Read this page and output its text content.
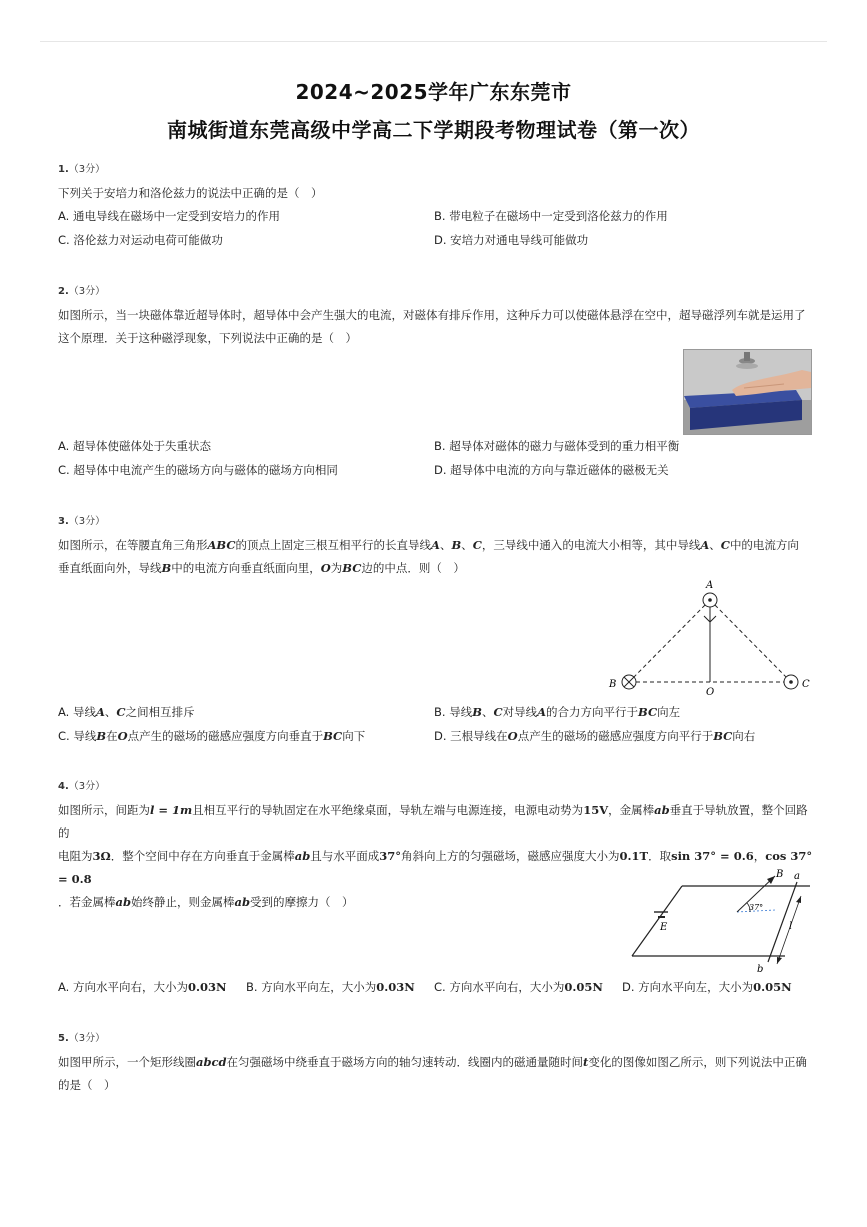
2024~2025学年广东东莞市
南城街道东莞高级中学高二下学期段考物理试卷（第一次）
1.（3分）
下列关于安培力和洛伦兹力的说法中正确的是（　）
A. 通电导线在磁场中一定受到安培力的作用	B. 带电粒子在磁场中一定受到洛伦兹力的作用
C. 洛伦兹力对运动电荷可能做功	D. 安培力对通电导线可能做功
2.（3分）
如图所示，当一块磁体靠近超导体时，超导体中会产生强大的电流，对磁体有排斥作用，这种斥力可以使磁体悬浮在空中，超导磁浮列车就是运用了
这个原理．关于这种磁浮现象，下列说法中正确的是（　）
A. 超导体使磁体处于失重状态	B. 超导体对磁体的磁力与磁体受到的重力相平衡
C. 超导体中电流产生的磁场方向与磁体的磁场方向相同	D. 超导体中电流的方向与靠近磁体的磁极无关
3.（3分）
如图所示，在等腰直角三角形ABC的顶点上固定三根互相平行的长直导线A、B、C，三导线中通入的电流大小相等，其中导线A、C中的电流方向
垂直纸面向外，导线B中的电流方向垂直纸面向里，O为BC边的中点．则（　）
A
B	C
O
A. 导线A、C之间相互排斥	B. 导线B、C对导线A的合力方向平行于BC向左
C. 导线B在O点产生的磁场的磁感应强度方向垂直于BC向下	D. 三根导线在O点产生的磁场的磁感应强度方向平行于BC向右
4.（3分）
如图所示，间距为l = 1m且相互平行的导轨固定在水平绝缘桌面，导轨左端与电源连接，电源电动势为15V，金属棒ab垂直于导轨放置，整个回路的
电阻为3Ω．整个空间中存在方向垂直于金属棒ab且与水平面成37°角斜向上方的匀强磁场，磁感应强度大小为0.1T．取sin 37° = 0.6，cos 37° = 0.8
．若金属棒ab始终静止，则金属棒ab受到的摩擦力（　）
B a
b
E	l
37°
A. 方向水平向右，大小为0.03N B. 方向水平向左，大小为0.03N C. 方向水平向右，大小为0.05N D. 方向水平向左，大小为0.05N
5.（3分）
如图甲所示，一个矩形线圈abcd在匀强磁场中绕垂直于磁场方向的轴匀速转动．线圈内的磁通量随时间t变化的图像如图乙所示，则下列说法中正确
的是（　）
